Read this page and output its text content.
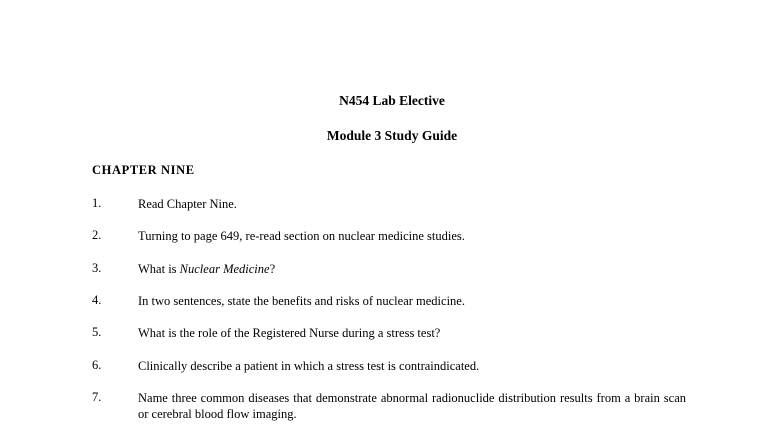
N454 Lab Elective
Module 3 Study Guide
CHAPTER NINE
1.	Read Chapter Nine.
2.	Turning to page 649, re-read section on nuclear medicine studies.
3.	What is Nuclear Medicine?
4.	In two sentences, state the benefits and risks of nuclear medicine.
5.	What is the role of the Registered Nurse during a stress test?
6.	Clinically describe a patient in which a stress test is contraindicated.
7.	Name three common diseases that demonstrate abnormal radionuclide distribution results from a brain scan or cerebral blood flow imaging.
